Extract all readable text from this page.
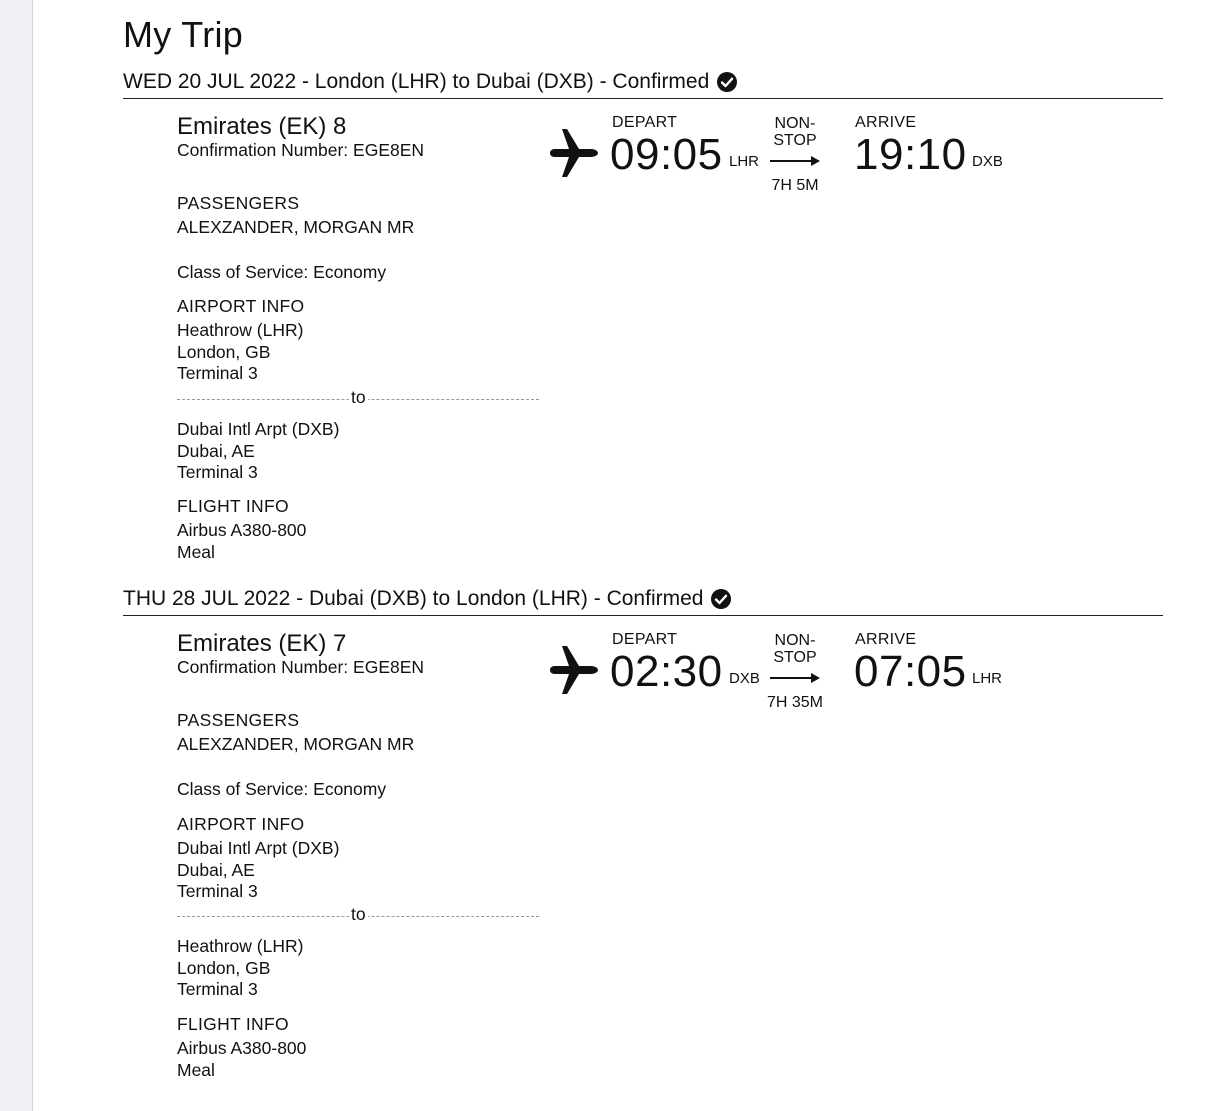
My Trip
WED 20 JUL 2022 - London (LHR) to Dubai (DXB) - Confirmed
Emirates (EK) 8
Confirmation Number: EGE8EN
PASSENGERS
ALEXZANDER, MORGAN MR
Class of Service: Economy
AIRPORT INFO
Heathrow (LHR)
London, GB
Terminal 3
to
Dubai Intl Arpt (DXB)
Dubai, AE
Terminal 3
FLIGHT INFO
Airbus A380-800
Meal
DEPART
09:05 LHR
NON-
STOP
7H 5M
ARRIVE
19:10 DXB
THU 28 JUL 2022 - Dubai (DXB) to London (LHR) - Confirmed
Emirates (EK) 7
Confirmation Number: EGE8EN
PASSENGERS
ALEXZANDER, MORGAN MR
Class of Service: Economy
AIRPORT INFO
Dubai Intl Arpt (DXB)
Dubai, AE
Terminal 3
to
Heathrow (LHR)
London, GB
Terminal 3
FLIGHT INFO
Airbus A380-800
Meal
DEPART
02:30 DXB
NON-
STOP
7H 35M
ARRIVE
07:05 LHR
